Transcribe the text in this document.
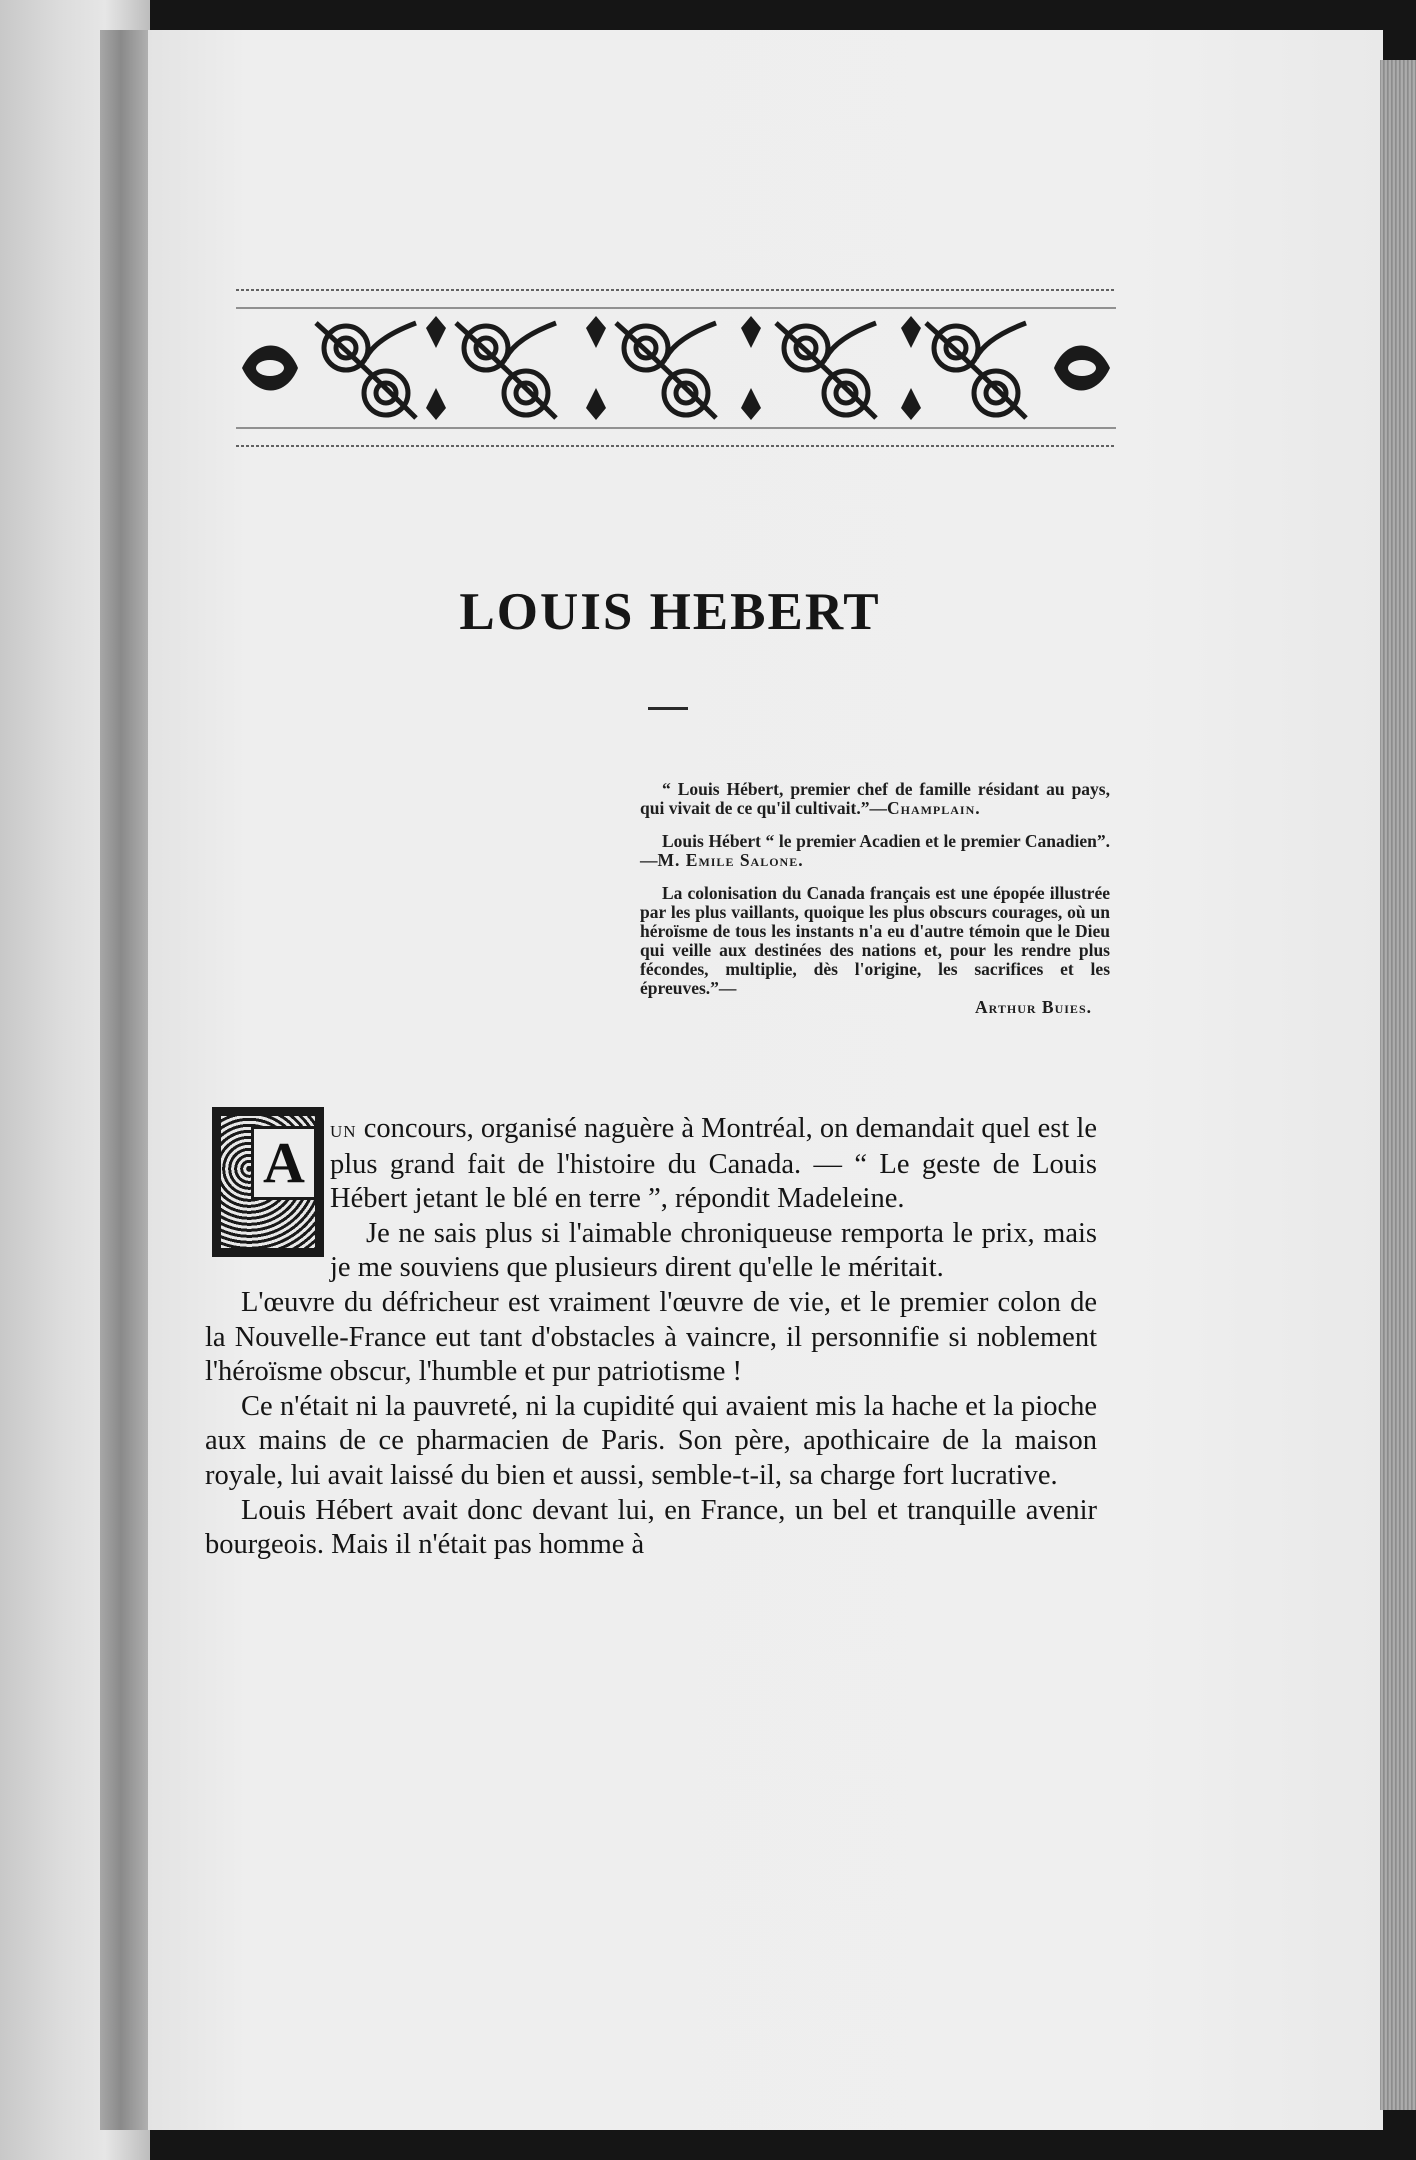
LOUIS HEBERT

“ Louis Hébert, premier chef de famille résidant au pays, qui vivait de ce qu'il cultivait.”—Champlain.

Louis Hébert “ le premier Acadien et le premier Canadien”.—M. Emile Salone.

La colonisation du Canada français est une épopée illustrée par les plus vaillants, quoique les plus obscurs courages, où un héroïsme de tous les instants n'a eu d'autre témoin que le Dieu qui veille aux destinées des nations et, pour les rendre plus fécondes, multiplie, dès l'origine, les sacrifices et les épreuves.”—

Arthur Buies.

A	un concours, organisé naguère à Montréal, on demandait quel est le plus grand fait de l'histoire du Canada. — “ Le geste de Louis Hébert jetant le blé en terre ”, répondit Madeleine.

Je ne sais plus si l'aimable chroniqueuse remporta le prix, mais je me souviens que plusieurs dirent qu'elle le méritait.

L'œuvre du défricheur est vraiment l'œuvre de vie, et le premier colon de la Nouvelle-France eut tant d'obstacles à vaincre, il personnifie si noblement l'héroïsme obscur, l'humble et pur patriotisme !

Ce n'était ni la pauvreté, ni la cupidité qui avaient mis la hache et la pioche aux mains de ce pharmacien de Paris. Son père, apothicaire de la maison royale, lui avait laissé du bien et aussi, semble-t-il, sa charge fort lucrative.

Louis Hébert avait donc devant lui, en France, un bel et tranquille avenir bourgeois. Mais il n'était pas homme à
